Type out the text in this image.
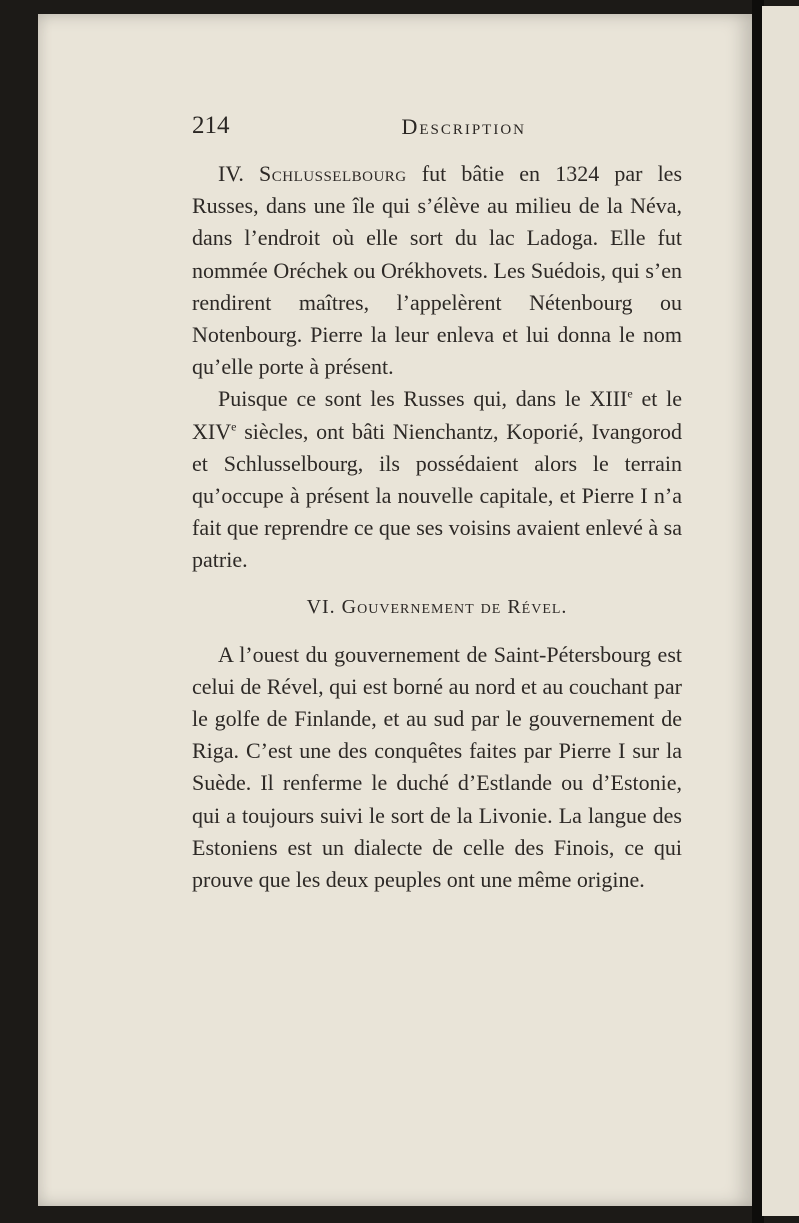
214	Description

IV. Schlusselbourg fut bâtie en 1324 par les Russes, dans une île qui s’élève au milieu de la Néva, dans l’endroit où elle sort du lac Ladoga. Elle fut nommée Oréchek ou Orékhovets. Les Suédois, qui s’en rendirent maîtres, l’appelèrent Nétenbourg ou Notenbourg. Pierre la leur enleva et lui donna le nom qu’elle porte à présent.

Puisque ce sont les Russes qui, dans le XIIIe et le XIVe siècles, ont bâti Nienchantz, Koporié, Ivangorod et Schlusselbourg, ils possédaient alors le terrain qu’occupe à présent la nouvelle capitale, et Pierre I n’a fait que reprendre ce que ses voisins avaient enlevé à sa patrie.

VI. Gouvernement de Rével.

A l’ouest du gouvernement de Saint-Pétersbourg est celui de Rével, qui est borné au nord et au couchant par le golfe de Finlande, et au sud par le gouvernement de Riga. C’est une des conquêtes faites par Pierre I sur la Suède. Il renferme le duché d’Estlande ou d’Estonie, qui a toujours suivi le sort de la Livonie. La langue des Estoniens est un dialecte de celle des Finois, ce qui prouve que les deux peuples ont une même origine.
